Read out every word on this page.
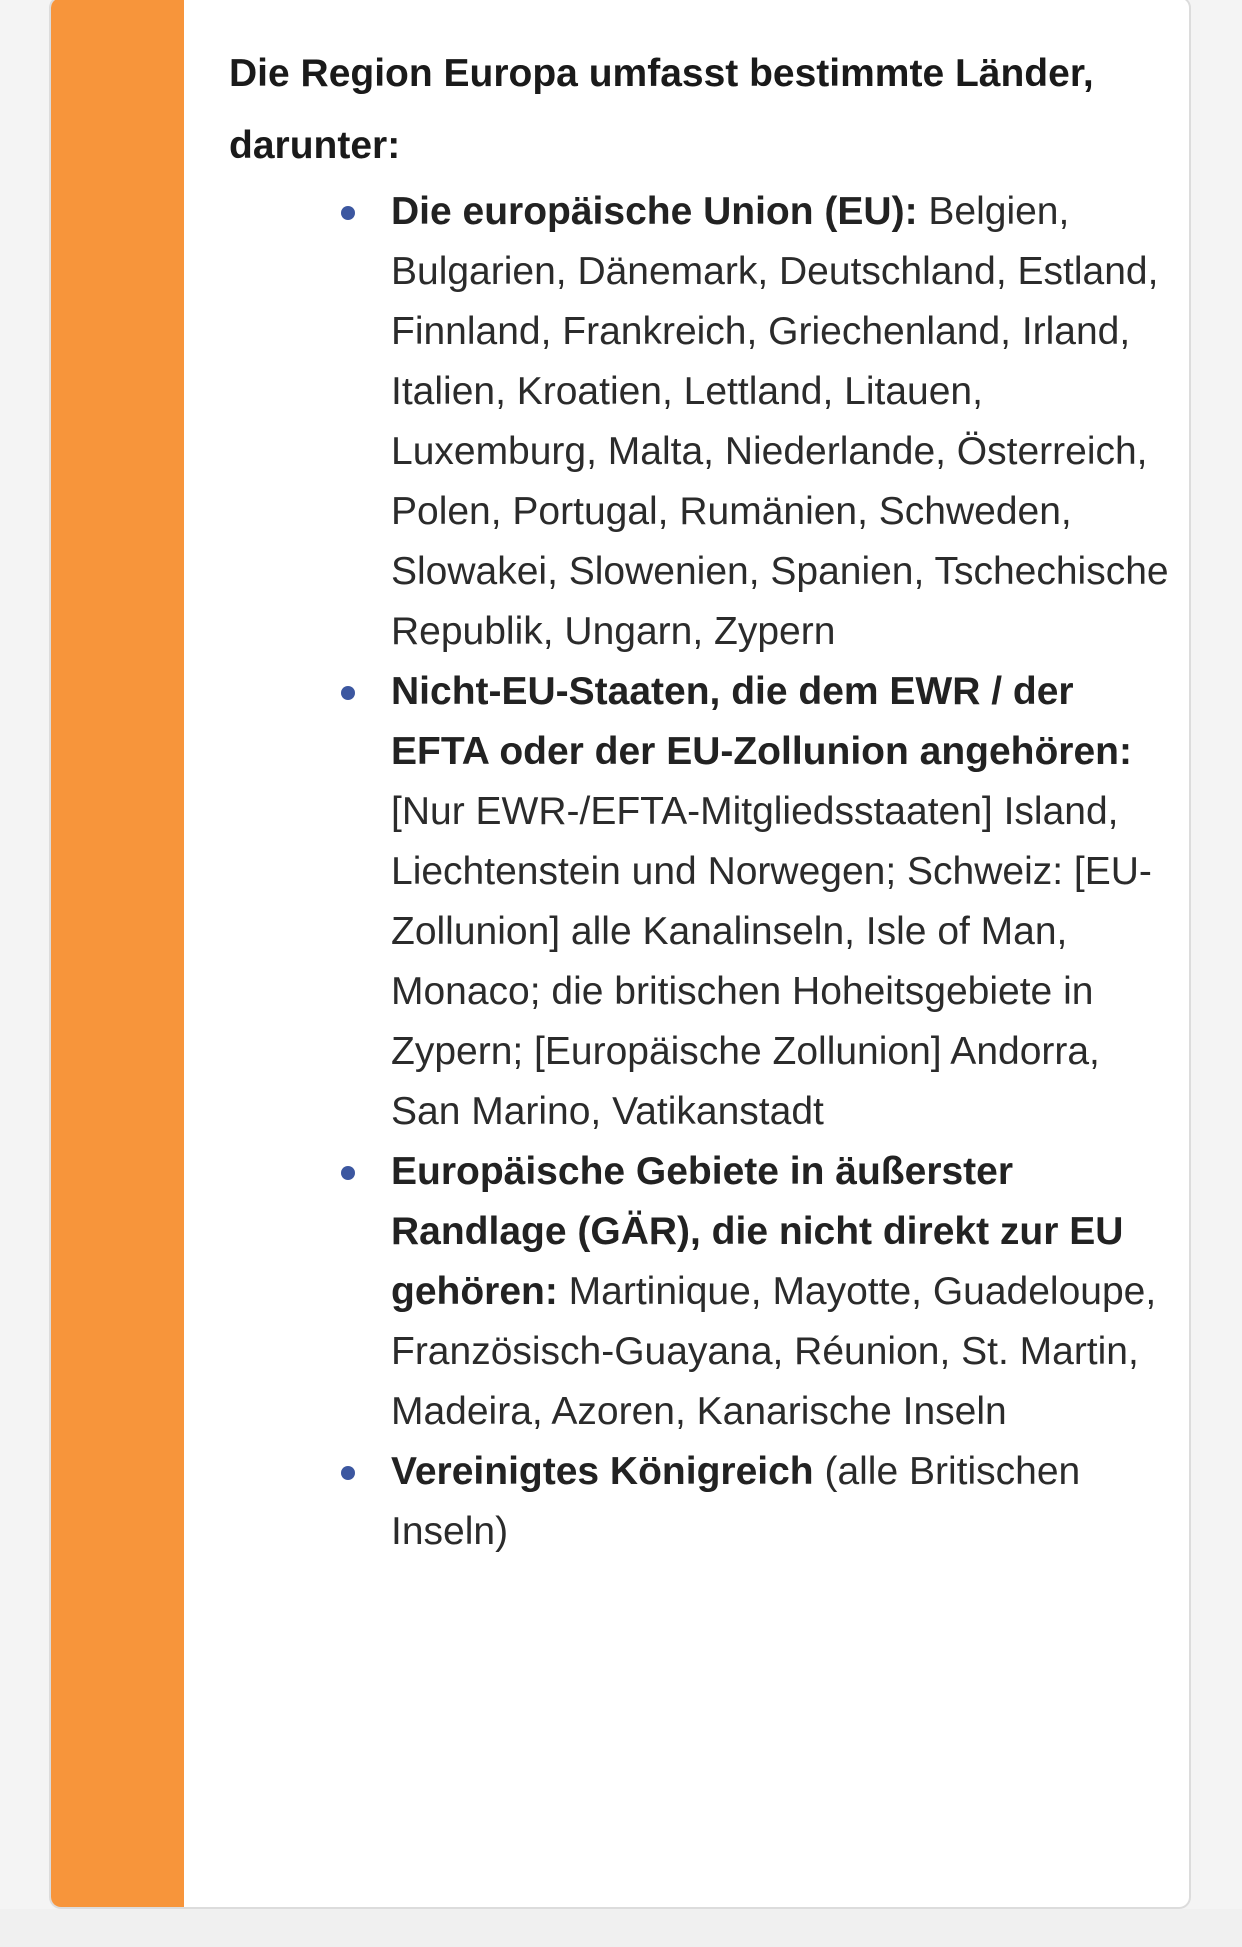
Die Region Europa umfasst bestimmte Länder, darunter:

Die europäische Union (EU): Belgien, Bulgarien, Dänemark, Deutschland, Estland, Finnland, Frankreich, Griechenland, Irland, Italien, Kroatien, Lettland, Litauen, Luxemburg, Malta, Niederlande, Österreich, Polen, Portugal, Rumänien, Schweden, Slowakei, Slowenien, Spanien, Tschechische Republik, Ungarn, Zypern
Nicht-EU-Staaten, die dem EWR / der EFTA oder der EU-Zollunion angehören: [Nur EWR-/EFTA-Mitgliedsstaaten] Island, Liechtenstein und Norwegen; Schweiz: [EU-Zollunion] alle Kanalinseln, Isle of Man, Monaco; die britischen Hoheitsgebiete in Zypern; [Europäische Zollunion] Andorra, San Marino, Vatikanstadt
Europäische Gebiete in äußerster Randlage (GÄR), die nicht direkt zur EU gehören: Martinique, Mayotte, Guadeloupe, Französisch-Guayana, Réunion, St. Martin, Madeira, Azoren, Kanarische Inseln
Vereinigtes Königreich (alle Britischen Inseln)
